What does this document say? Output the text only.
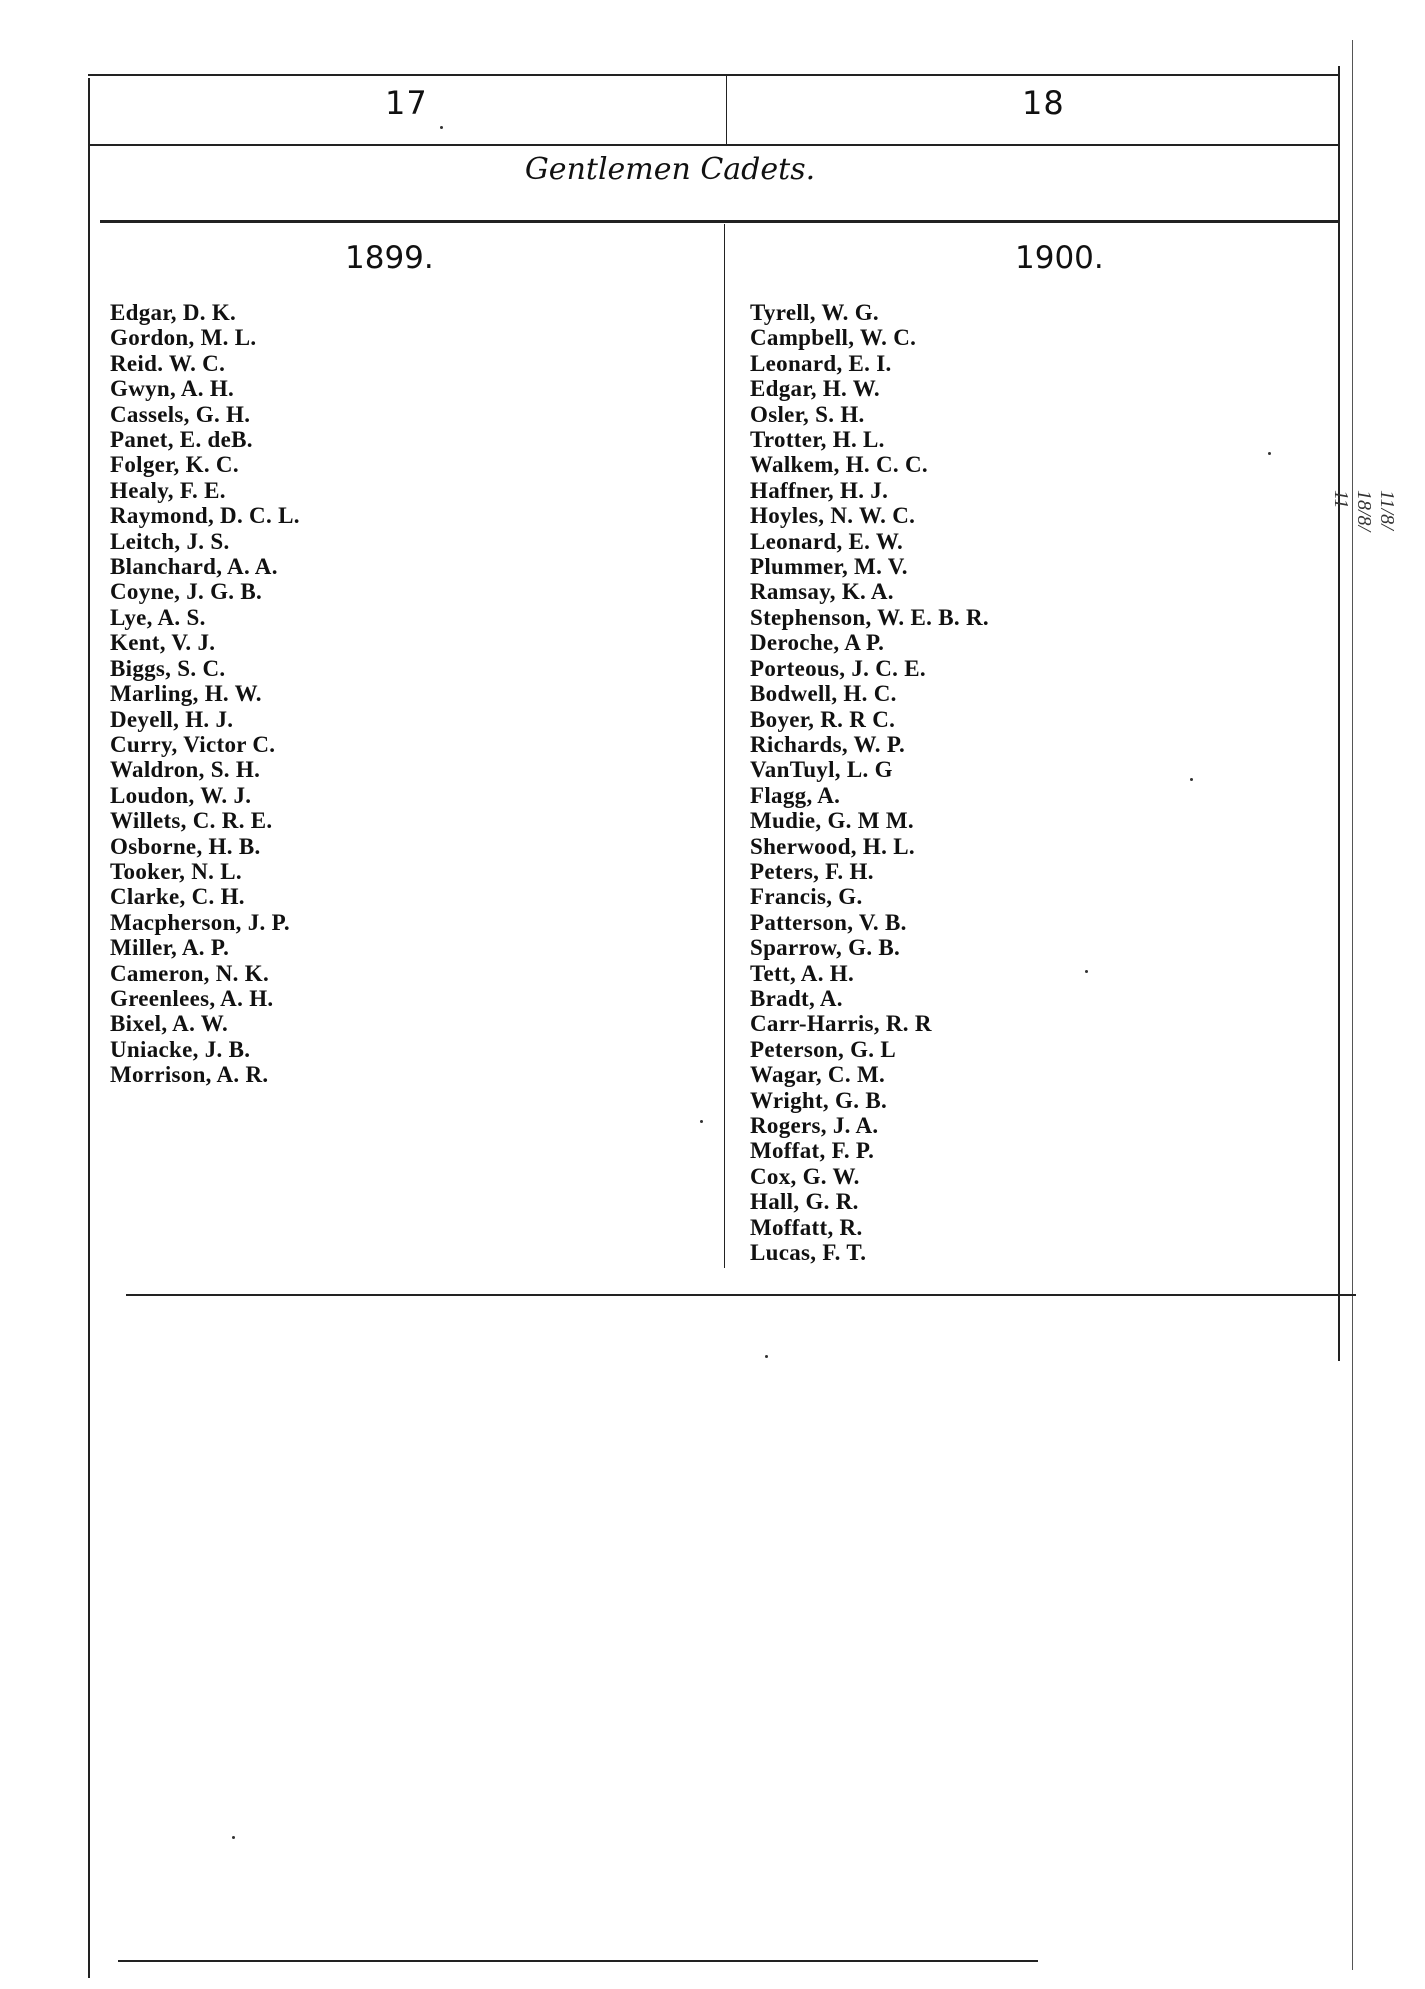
17	18
Gentlemen Cadets.
1899.	1900.
Edgar, D. K.
Gordon, M. L.
Reid. W. C.
Gwyn, A. H.
Cassels, G. H.
Panet, E. deB.
Folger, K. C.
Healy, F. E.
Raymond, D. C. L.
Leitch, J. S.
Blanchard, A. A.
Coyne, J. G. B.
Lye, A. S.
Kent, V. J.
Biggs, S. C.
Marling, H. W.
Deyell, H. J.
Curry, Victor C.
Waldron, S. H.
Loudon, W. J.
Willets, C. R. E.
Osborne, H. B.
Tooker, N. L.
Clarke, C. H.
Macpherson, J. P.
Miller, A. P.
Cameron, N. K.
Greenlees, A. H.
Bixel, A. W.
Uniacke, J. B.
Morrison, A. R.
Tyrell, W. G.
Campbell, W. C.
Leonard, E. I.
Edgar, H. W.
Osler, S. H.
Trotter, H. L.
Walkem, H. C. C.
Haffner, H. J.
Hoyles, N. W. C.
Leonard, E. W.
Plummer, M. V.
Ramsay, K. A.
Stephenson, W. E. B. R.
Deroche, A P.
Porteous, J. C. E.
Bodwell, H. C.
Boyer, R. R C.
Richards, W. P.
VanTuyl, L. G
Flagg, A.
Mudie, G. M M.
Sherwood, H. L.
Peters, F. H.
Francis, G.
Patterson, V. B.
Sparrow, G. B.
Tett, A. H.
Bradt, A.
Carr-Harris, R. R
Peterson, G. L
Wagar, C. M.
Wright, G. B.
Rogers, J. A.
Moffat, F. P.
Cox, G. W.
Hall, G. R.
Moffatt, R.
Lucas, F. T.
11/8/ 18/8/ 11
